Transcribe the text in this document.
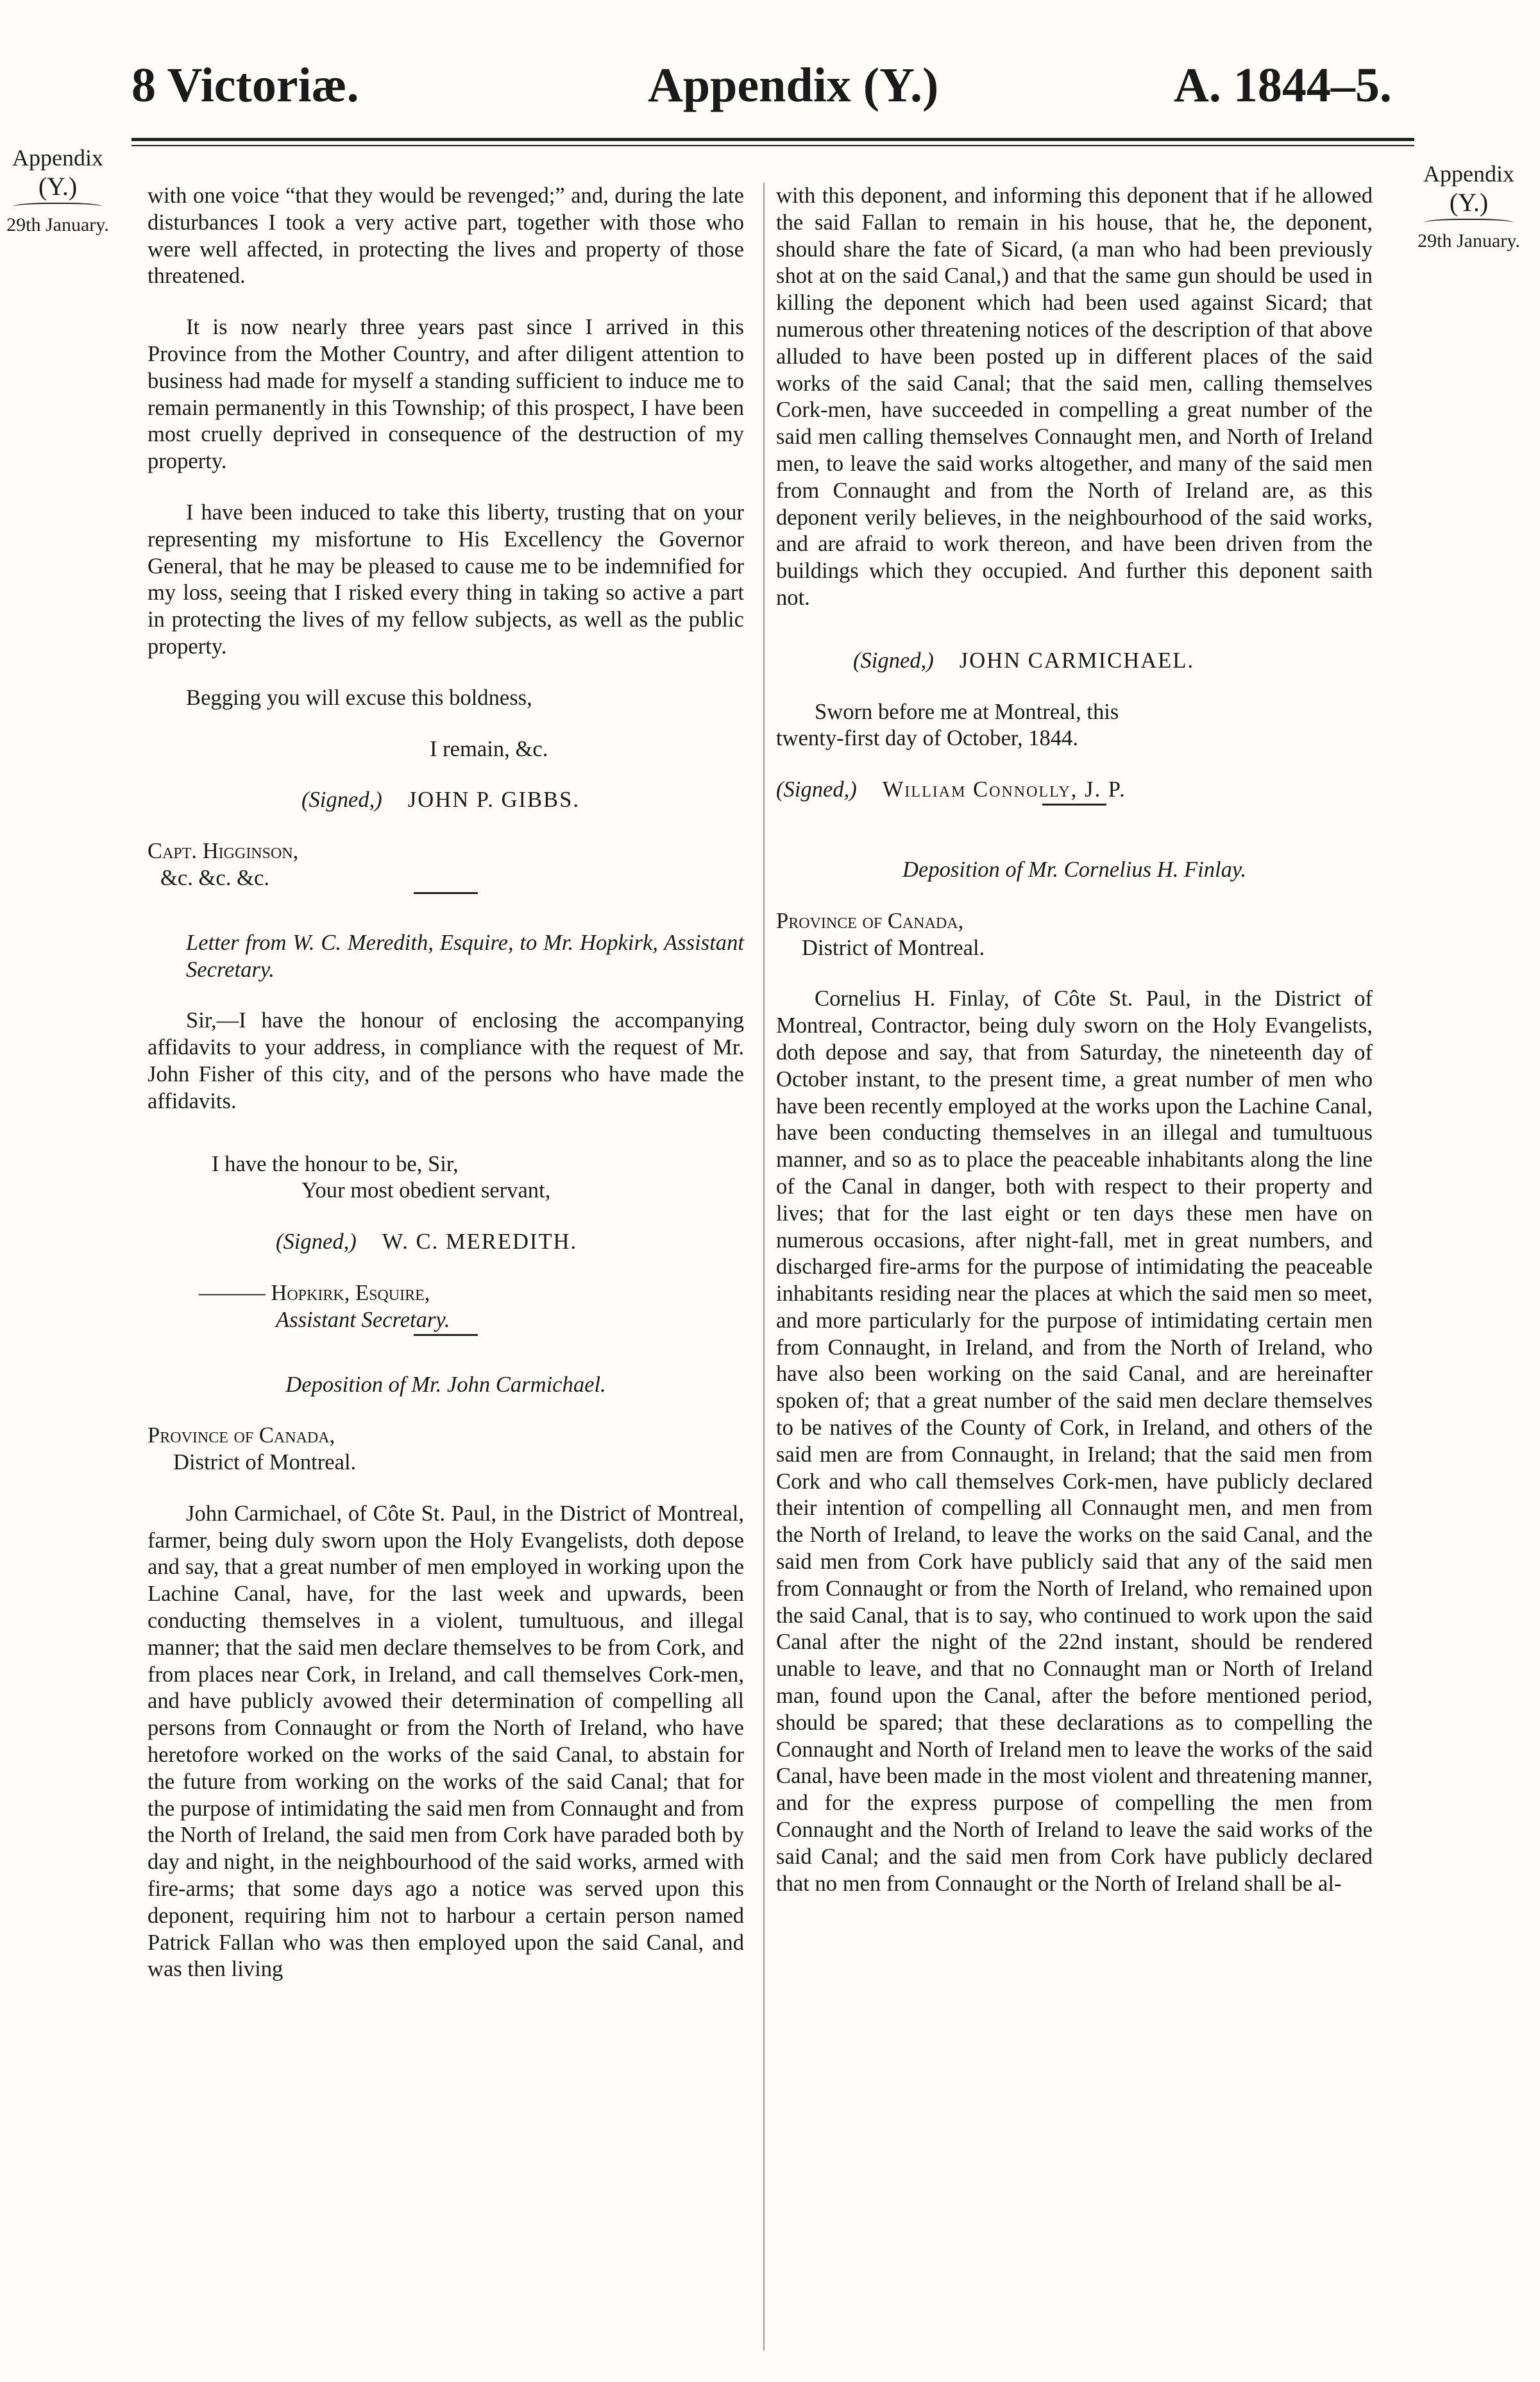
8 Victoriæ.	Appendix (Y.)	A. 1844–5.
Appendix
(Y.)
29th January.
Appendix
(Y.)
29th January.

with one voice “that they would be revenged;” and, during the late disturbances I took a very active part, together with those who were well affected, in protecting the lives and property of those threatened.

It is now nearly three years past since I arrived in this Province from the Mother Country, and after diligent attention to business had made for myself a standing sufficient to induce me to remain permanently in this Township; of this prospect, I have been most cruelly deprived in consequence of the destruction of my property.

I have been induced to take this liberty, trusting that on your representing my misfortune to His Excellency the Governor General, that he may be pleased to cause me to be indemnified for my loss, seeing that I risked every thing in taking so active a part in protecting the lives of my fellow subjects, as well as the public property.

Begging you will excuse this boldness,

I remain, &c.

(Signed,) JOHN P. GIBBS.

Capt. Higginson,

&c. &c. &c.

Letter from W. C. Meredith, Esquire, to Mr. Hopkirk, Assistant Secretary.

Sir,—I have the honour of enclosing the accompanying affidavits to your address, in compliance with the request of Mr. John Fisher of this city, and of the persons who have made the affidavits.

I have the honour to be, Sir,

Your most obedient servant,

(Signed,) W. C. MEREDITH.

——— Hopkirk, Esquire,

Assistant Secretary.

Deposition of Mr. John Carmichael.

Province of Canada,

District of Montreal.

John Carmichael, of Côte St. Paul, in the District of Montreal, farmer, being duly sworn upon the Holy Evangelists, doth depose and say, that a great number of men employed in working upon the Lachine Canal, have, for the last week and upwards, been conducting themselves in a violent, tumultuous, and illegal manner; that the said men declare themselves to be from Cork, and from places near Cork, in Ireland, and call themselves Cork-men, and have publicly avowed their determination of compelling all persons from Connaught or from the North of Ireland, who have heretofore worked on the works of the said Canal, to abstain for the future from working on the works of the said Canal; that for the purpose of intimidating the said men from Connaught and from the North of Ireland, the said men from Cork have paraded both by day and night, in the neighbourhood of the said works, armed with fire-arms; that some days ago a notice was served upon this deponent, requiring him not to harbour a certain person named Patrick Fallan who was then employed upon the said Canal, and was then living

with this deponent, and informing this deponent that if he allowed the said Fallan to remain in his house, that he, the deponent, should share the fate of Sicard, (a man who had been previously shot at on the said Canal,) and that the same gun should be used in killing the deponent which had been used against Sicard; that numerous other threatening notices of the description of that above alluded to have been posted up in different places of the said works of the said Canal; that the said men, calling themselves Cork-men, have succeeded in compelling a great number of the said men calling themselves Connaught men, and North of Ireland men, to leave the said works altogether, and many of the said men from Connaught and from the North of Ireland are, as this deponent verily believes, in the neighbourhood of the said works, and are afraid to work thereon, and have been driven from the buildings which they occupied. And further this deponent saith not.

(Signed,) JOHN CARMICHAEL.

Sworn before me at Montreal, this

twenty-first day of October, 1844.

(Signed,) William Connolly, J. P.

Deposition of Mr. Cornelius H. Finlay.

Province of Canada,

District of Montreal.

Cornelius H. Finlay, of Côte St. Paul, in the District of Montreal, Contractor, being duly sworn on the Holy Evangelists, doth depose and say, that from Saturday, the nineteenth day of October instant, to the present time, a great number of men who have been recently employed at the works upon the Lachine Canal, have been conducting themselves in an illegal and tumultuous manner, and so as to place the peaceable inhabitants along the line of the Canal in danger, both with respect to their property and lives; that for the last eight or ten days these men have on numerous occasions, after night-fall, met in great numbers, and discharged fire-arms for the purpose of intimidating the peaceable inhabitants residing near the places at which the said men so meet, and more particularly for the purpose of intimidating certain men from Connaught, in Ireland, and from the North of Ireland, who have also been working on the said Canal, and are hereinafter spoken of; that a great number of the said men declare themselves to be natives of the County of Cork, in Ireland, and others of the said men are from Connaught, in Ireland; that the said men from Cork and who call themselves Cork-men, have publicly declared their intention of compelling all Connaught men, and men from the North of Ireland, to leave the works on the said Canal, and the said men from Cork have publicly said that any of the said men from Connaught or from the North of Ireland, who remained upon the said Canal, that is to say, who continued to work upon the said Canal after the night of the 22nd instant, should be rendered unable to leave, and that no Connaught man or North of Ireland man, found upon the Canal, after the before mentioned period, should be spared; that these declarations as to compelling the Connaught and North of Ireland men to leave the works of the said Canal, have been made in the most violent and threatening manner, and for the express purpose of compelling the men from Connaught and the North of Ireland to leave the said works of the said Canal; and the said men from Cork have publicly declared that no men from Connaught or the North of Ireland shall be al-
